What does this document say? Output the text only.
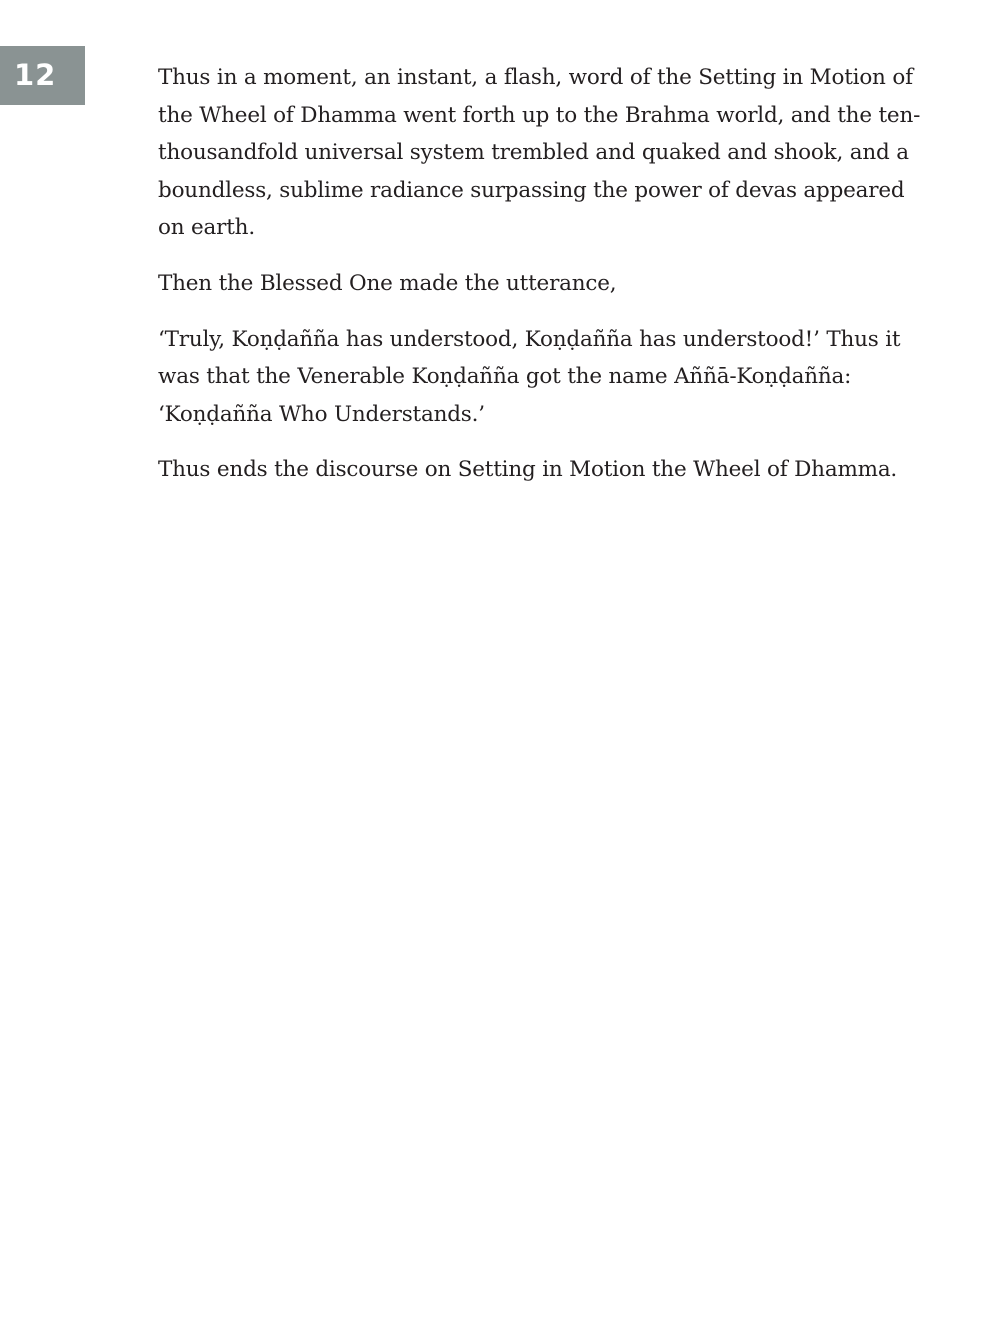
12	Thus in a moment, an instant, a flash, word of the Setting in Motion of the Wheel of Dhamma went forth up to the Brahma world, and the ten-thousandfold universal system trembled and quaked and shook, and a boundless, sublime radiance surpassing the power of devas appeared on earth.

Then the Blessed One made the utterance,

‘Truly, Koṇḍañña has understood, Koṇḍañña has understood!’ Thus it was that the Venerable Koṇḍañña got the name Aññā-Koṇḍañña: ‘Koṇḍañña Who Understands.’

Thus ends the discourse on Setting in Motion the Wheel of Dhamma.
